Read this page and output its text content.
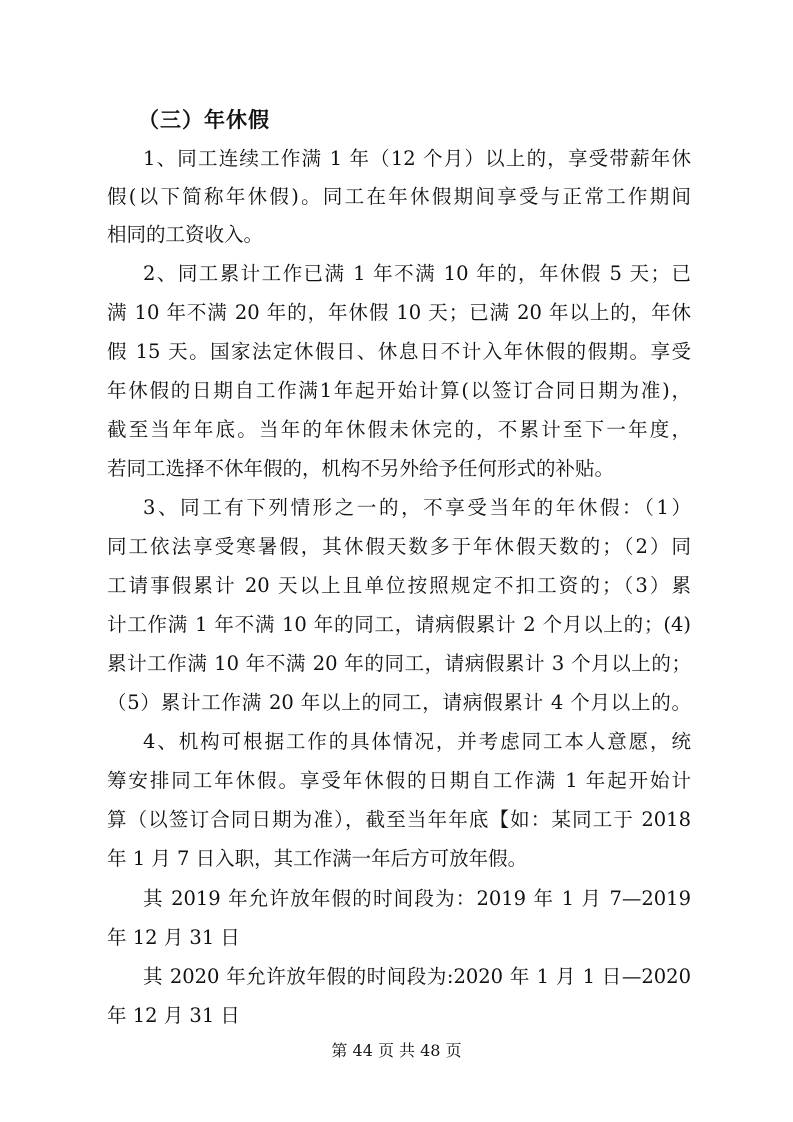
（三）年休假
1、同工连续工作满 1 年（12 个月）以上的，享受带薪年休
假(以下简称年休假)。同工在年休假期间享受与正常工作期间
相同的工资收入。
2、同工累计工作已满 1 年不满 10 年的，年休假 5 天；已
满 10 年不满 20 年的，年休假 10 天；已满 20 年以上的，年休
假 15 天。国家法定休假日、休息日不计入年休假的假期。享受
年休假的日期自工作满1年起开始计算(以签订合同日期为准)，
截至当年年底。当年的年休假未休完的，不累计至下一年度，
若同工选择不休年假的，机构不另外给予任何形式的补贴。
3、同工有下列情形之一的，不享受当年的年休假：（1）
同工依法享受寒暑假，其休假天数多于年休假天数的；（2）同
工请事假累计 20 天以上且单位按照规定不扣工资的；（3）累
计工作满 1 年不满 10 年的同工，请病假累计 2 个月以上的；(4)
累计工作满 10 年不满 20 年的同工，请病假累计 3 个月以上的；
（5）累计工作满 20 年以上的同工，请病假累计 4 个月以上的。
4、机构可根据工作的具体情况，并考虑同工本人意愿，统
筹安排同工年休假。享受年休假的日期自工作满 1 年起开始计
算（以签订合同日期为准），截至当年年底【如：某同工于 2018
年 1 月 7 日入职，其工作满一年后方可放年假。
其 2019 年允许放年假的时间段为：2019 年 1 月 7—2019
年 12 月 31 日
其 2020 年允许放年假的时间段为:2020 年 1 月 1 日—2020
年 12 月 31 日
第 44 页 共 48 页
